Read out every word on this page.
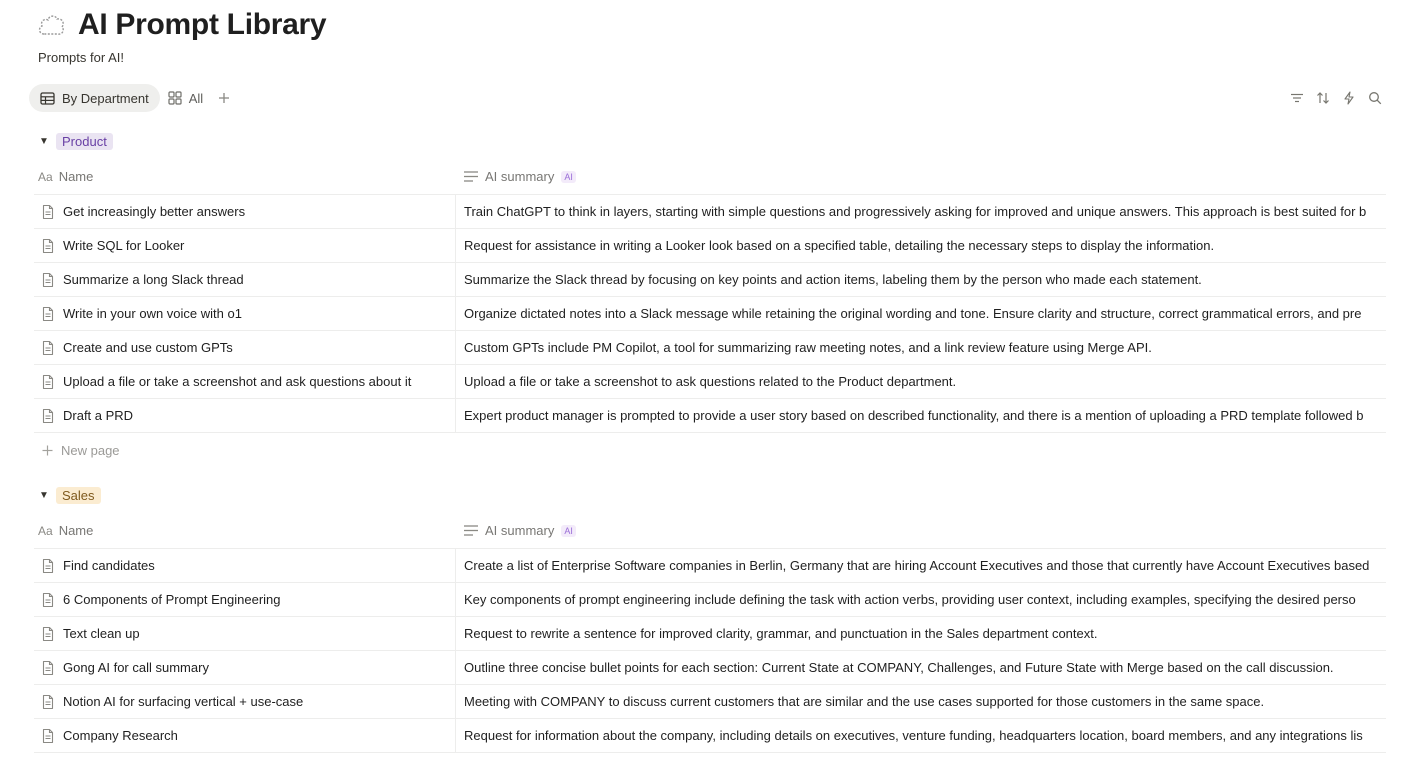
AI Prompt Library
Prompts for AI!
By Department	All
▼	Product
Aa Name	AI summary	AI
Get increasingly better answers	Train ChatGPT to think in layers, starting with simple questions and progressively asking for improved and unique answers. This approach is best suited for b
Write SQL for Looker	Request for assistance in writing a Looker look based on a specified table, detailing the necessary steps to display the information.
Summarize a long Slack thread	Summarize the Slack thread by focusing on key points and action items, labeling them by the person who made each statement.
Write in your own voice with o1	Organize dictated notes into a Slack message while retaining the original wording and tone. Ensure clarity and structure, correct grammatical errors, and pre
Create and use custom GPTs	Custom GPTs include PM Copilot, a tool for summarizing raw meeting notes, and a link review feature using Merge API.
Upload a file or take a screenshot and ask questions about it	Upload a file or take a screenshot to ask questions related to the Product department.
Draft a PRD	Expert product manager is prompted to provide a user story based on described functionality, and there is a mention of uploading a PRD template followed b
New page
▼	Sales
Aa Name	AI summary	AI
Find candidates	Create a list of Enterprise Software companies in Berlin, Germany that are hiring Account Executives and those that currently have Account Executives based
6 Components of Prompt Engineering	Key components of prompt engineering include defining the task with action verbs, providing user context, including examples, specifying the desired perso
Text clean up	Request to rewrite a sentence for improved clarity, grammar, and punctuation in the Sales department context.
Gong AI for call summary	Outline three concise bullet points for each section: Current State at COMPANY, Challenges, and Future State with Merge based on the call discussion.
Notion AI for surfacing vertical + use-case	Meeting with COMPANY to discuss current customers that are similar and the use cases supported for those customers in the same space.
Company Research	Request for information about the company, including details on executives, venture funding, headquarters location, board members, and any integrations lis
